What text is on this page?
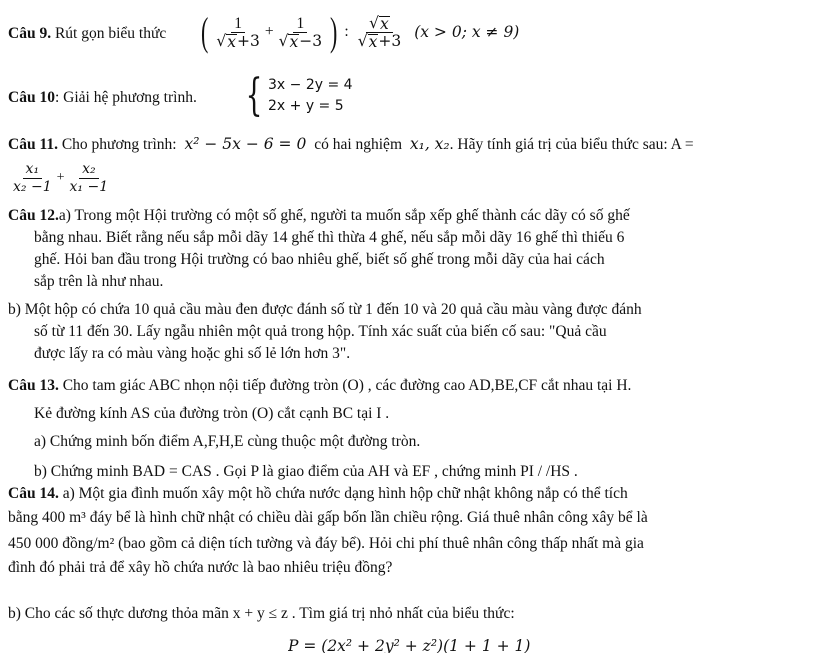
Câu 9. Rút gọn biểu thức ( $\frac{1}{√ x +3} + \frac{1}{√ x -3}$ ) : $\frac{√ x}{√ x +3} (x > 0$; x ≠ 9)
Câu 10: Giải hệ phương trình. { 3x − 2y = 4
2x + y = 5
Câu 11. Cho phương trình: x² − 5x − 6 = 0 có hai nghiệm x₁, x₂. Hãy tính giá trị của biểu thức sau: A =
$\frac{\text{x₁}}{\text{x₂ −1}} + \frac{\text{x₂}}{\text{x₁ −1}}$
Câu 12.a) Trong một Hội trường có một số ghế, người ta muốn sắp xếp ghế thành các dãy có số ghế
bằng nhau. Biết rằng nếu sắp mỗi dãy 14 ghế thì thừa 4 ghế, nếu sắp mỗi dãy 16 ghế thì thiếu 6
ghế. Hỏi ban đầu trong Hội trường có bao nhiêu ghế, biết số ghế trong mỗi dãy của hai cách
sắp trên là như nhau.
b) Một hộp có chứa 10 quả cầu màu đen được đánh số từ 1 đến 10 và 20 quả cầu màu vàng được đánh
số từ 11 đến 30. Lấy ngẫu nhiên một quả trong hộp. Tính xác suất của biến cố sau: "Quả cầu
được lấy ra có màu vàng hoặc ghi số lẻ lớn hơn 3".
Câu 13. Cho tam giác ABC nhọn nội tiếp đường tròn (O) , các đường cao AD,BE,CF cắt nhau tại H.
Kẻ đường kính AS của đường tròn (O) cắt cạnh BC tại I .
a) Chứng minh bốn điểm A,F,H,E cùng thuộc một đường tròn.
b) Chứng minh BAD = CAS . Gọi P là giao điểm của AH và EF , chứng minh PI / /HS .
Câu 14. a) Một gia đình muốn xây một hồ chứa nước dạng hình hộp chữ nhật không nắp có thể tích
bằng 400 m³ đáy bể là hình chữ nhật có chiều dài gấp bốn lần chiều rộng. Giá thuê nhân công xây bể là
450 000 đồng/m² (bao gồm cả diện tích tường và đáy bể). Hỏi chi phí thuê nhân công thấp nhất mà gia
đình đó phải trả để xây hồ chứa nước là bao nhiêu triệu đồng?
b) Cho các số thực dương thỏa mãn x + y ≤ z . Tìm giá trị nhỏ nhất của biểu thức:
P = (2x² + 2y² + z²)(1 + 1 + 1)
